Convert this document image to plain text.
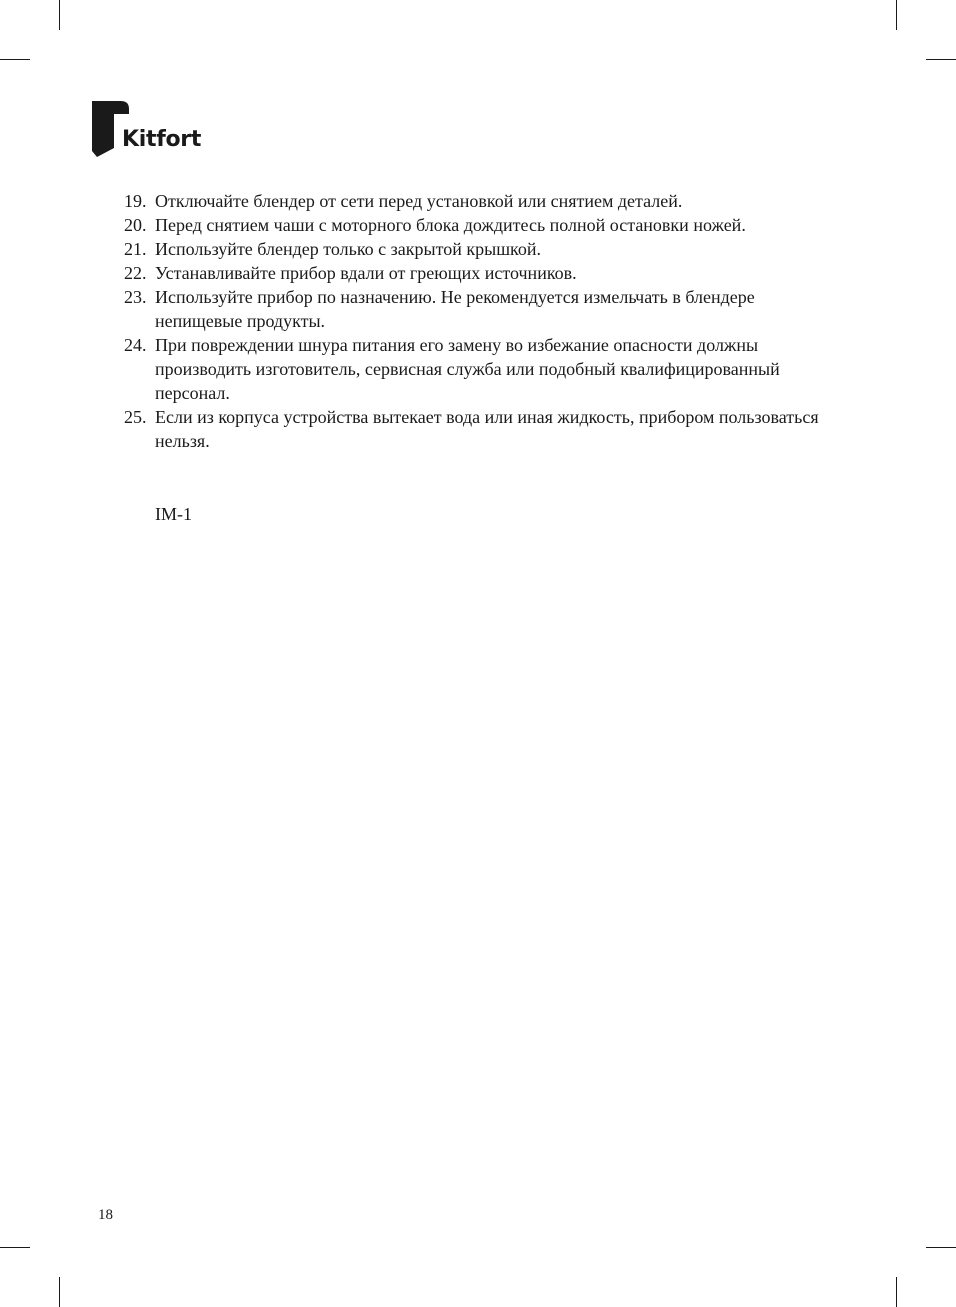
Kitfort
19. Отключайте блендер от сети перед установкой или снятием деталей.
20. Перед снятием чаши с моторного блока дождитесь полной остановки ножей.
21. Используйте блендер только с закрытой крышкой.
22. Устанавливайте прибор вдали от греющих источников.
23. Используйте прибор по назначению. Не рекомендуется измельчать в блендере непищевые продукты.
24. При повреждении шнура питания его замену во избежание опасности должны производить изготовитель, сервисная служба или подобный квалифицированный персонал.
25. Если из корпуса устройства вытекает вода или иная жидкость, прибором пользоваться нельзя.
IM-1
18
